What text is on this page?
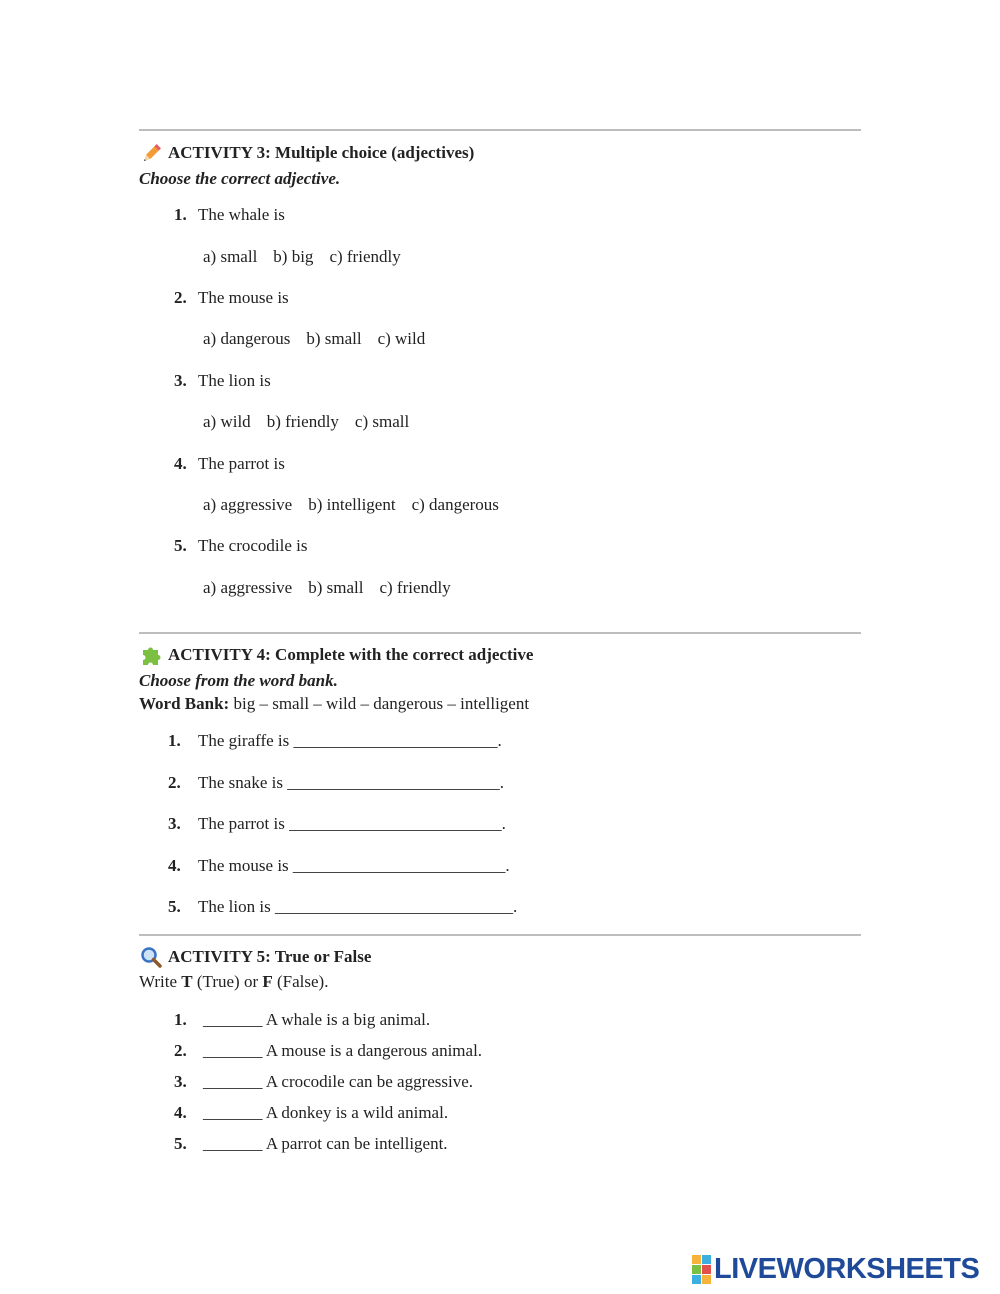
ACTIVITY 3: Multiple choice (adjectives)
Choose the correct adjective.
1. The whale is
a) small b) big c) friendly
2. The mouse is
a) dangerous b) small c) wild
3. The lion is
a) wild b) friendly c) small
4. The parrot is
a) aggressive b) intelligent c) dangerous
5. The crocodile is
a) aggressive b) small c) friendly
ACTIVITY 4: Complete with the correct adjective
Choose from the word bank.
Word Bank: big – small – wild – dangerous – intelligent
1. The giraffe is ________________________.
2. The snake is _________________________.
3. The parrot is _________________________.
4. The mouse is _________________________.
5. The lion is ____________________________.
ACTIVITY 5: True or False
Write T (True) or F (False).
1. _______ A whale is a big animal.
2. _______ A mouse is a dangerous animal.
3. _______ A crocodile can be aggressive.
4. _______ A donkey is a wild animal.
5. _______ A parrot can be intelligent.
LIVEWORKSHEETS
